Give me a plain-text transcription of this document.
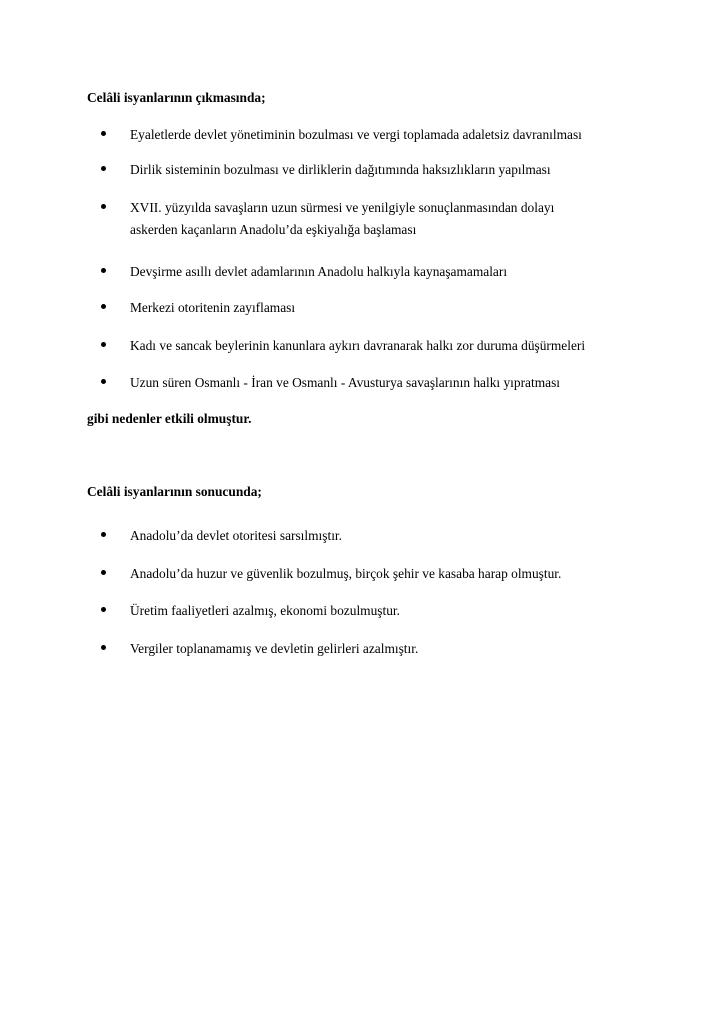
Celâli isyanlarının çıkmasında;
Eyaletlerde devlet yönetiminin bozulması ve vergi toplamada adaletsiz davranılması
Dirlik sisteminin bozulması ve dirliklerin dağıtımında haksızlıkların yapılması
XVII. yüzyılda savaşların uzun sürmesi ve yenilgiyle sonuçlanmasından dolayı
askerden kaçanların Anadolu’da eşkiyalığa başlaması
Devşirme asıllı devlet adamlarının Anadolu halkıyla kaynaşamamaları
Merkezi otoritenin zayıflaması
Kadı ve sancak beylerinin kanunlara aykırı davranarak halkı zor duruma düşürmeleri
Uzun süren Osmanlı - İran ve Osmanlı - Avusturya savaşlarının halkı yıpratması
gibi nedenler etkili olmuştur.
Celâli isyanlarının sonucunda;
Anadolu’da devlet otoritesi sarsılmıştır.
Anadolu’da huzur ve güvenlik bozulmuş, birçok şehir ve kasaba harap olmuştur.
Üretim faaliyetleri azalmış, ekonomi bozulmuştur.
Vergiler toplanamamış ve devletin gelirleri azalmıştır.
